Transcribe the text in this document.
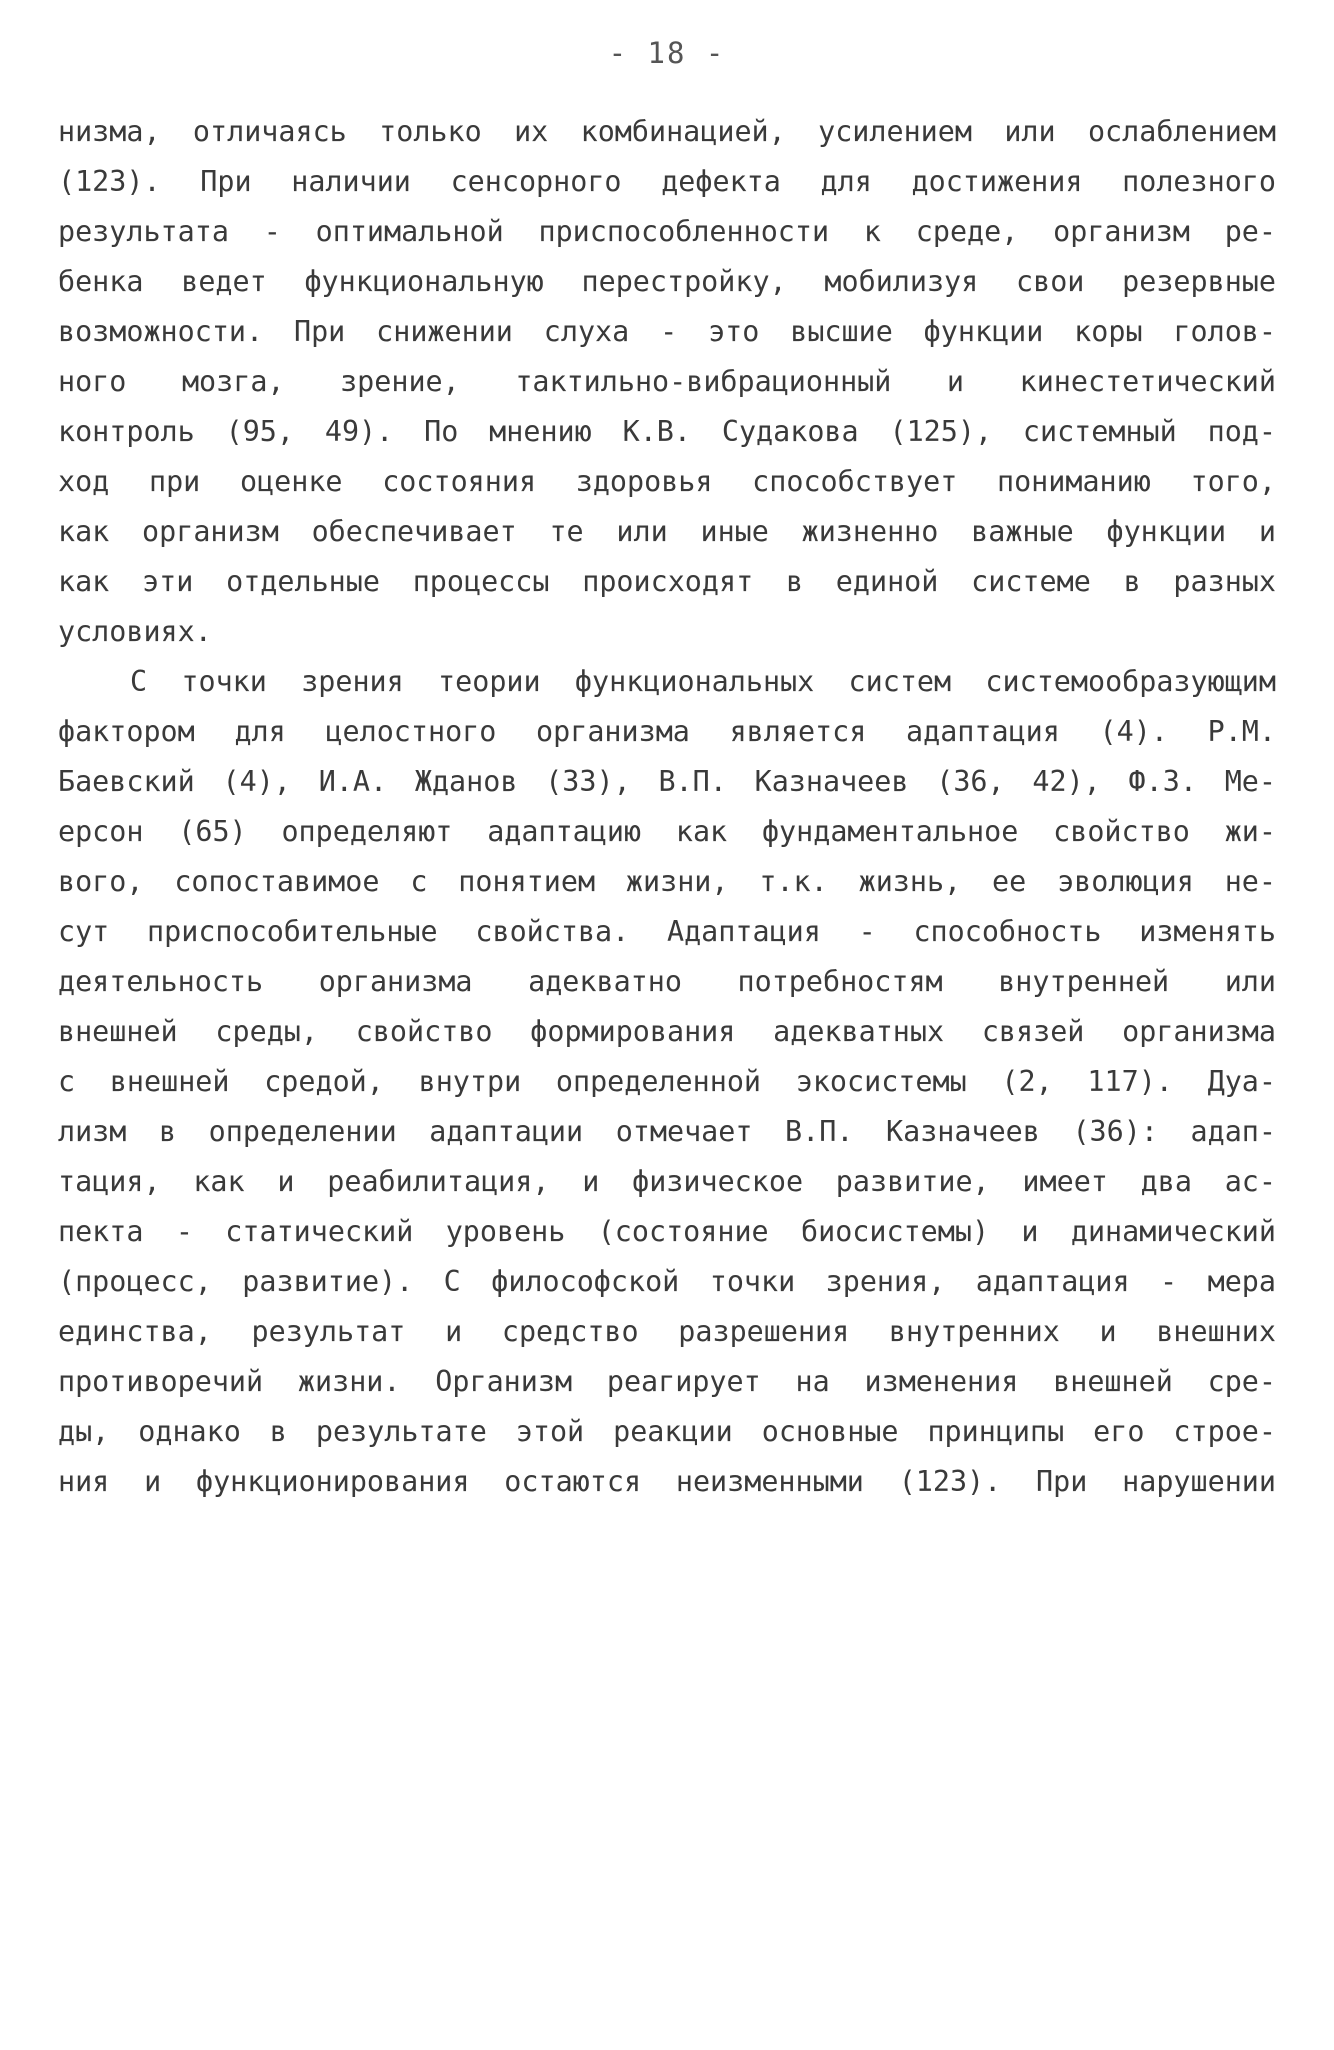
- 18 -
низма, отличаясь только их комбинацией, усилением или ослаблением
(123). При наличии сенсорного дефекта для достижения полезного
результата - оптимальной приспособленности к среде, организм ре-
бенка ведет функциональную перестройку, мобилизуя свои резервные
возможности. При снижении слуха - это высшие функции коры голов-
ного мозга, зрение, тактильно-вибрационный и кинестетический
контроль (95, 49). По мнению К.В. Судакова (125), системный под-
ход при оценке состояния здоровья способствует пониманию того,
как организм обеспечивает те или иные жизненно важные функции и
как эти отдельные процессы происходят в единой системе в разных
условиях.
С точки зрения теории функциональных систем системообразующим
фактором для целостного организма является адаптация (4). Р.М.
Баевский (4), И.А. Жданов (33), В.П. Казначеев (36, 42), Ф.З. Ме-
ерсон (65) определяют адаптацию как фундаментальное свойство жи-
вого, сопоставимое с понятием жизни, т.к. жизнь, ее эволюция не-
сут приспособительные свойства. Адаптация - способность изменять
деятельность организма адекватно потребностям внутренней или
внешней среды, свойство формирования адекватных связей организма
с внешней средой, внутри определенной экосистемы (2, 117). Дуа-
лизм в определении адаптации отмечает В.П. Казначеев (36): адап-
тация, как и реабилитация, и физическое развитие, имеет два ас-
пекта - статический уровень (состояние биосистемы) и динамический
(процесс, развитие). С философской точки зрения, адаптация - мера
единства, результат и средство разрешения внутренних и внешних
противоречий жизни. Организм реагирует на изменения внешней сре-
ды, однако в результате этой реакции основные принципы его строе-
ния и функционирования остаются неизменными (123). При нарушении
